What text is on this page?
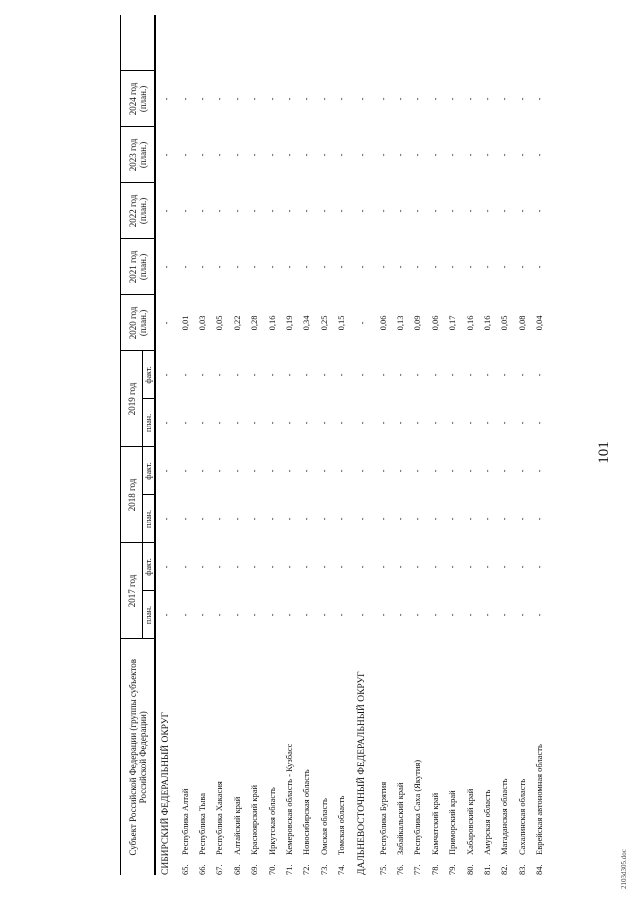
Субъект Российской Федерации (группы субъектов Российской Федерации)	2017 год		2018 год		2019 год		2020 год (план.)	2021 год (план.)	2022 год (план.)	2023 год (план.)	2024 год (план.)	
	план.	факт.	план.	факт.	план.	факт.						
СИБИРСКИЙ ФЕДЕРАЛЬНЫЙ ОКРУГ	-	-	-	-	-	-	-	-	-	-	-	
65.Республика Алтай	-	-	-	-	-	-	0,01	-	-	-	-	
66.Республика Тыва	-	-	-	-	-	-	0,03	-	-	-	-	
67.Республика Хакасия	-	-	-	-	-	-	0,05	-	-	-	-	
68.Алтайский край	-	-	-	-	-	-	0,22	-	-	-	-	
69.Красноярский край	-	-	-	-	-	-	0,28	-	-	-	-	
70.Иркутская область	-	-	-	-	-	-	0,16	-	-	-	-	
71.Кемеровская область - Кузбасс	-	-	-	-	-	-	0,19	-	-	-	-	
72.Новосибирская область	-	-	-	-	-	-	0,34	-	-	-	-	
73.Омская область	-	-	-	-	-	-	0,25	-	-	-	-	
74.Томская область	-	-	-	-	-	-	0,15	-	-	-	-	
ДАЛЬНЕВОСТОЧНЫЙ ФЕДЕРАЛЬНЫЙ ОКРУГ	-	-	-	-	-	-	-	-	-	-	-	
75.Республика Бурятия	-	-	-	-	-	-	0,06	-	-	-	-	
76.Забайкальский край	-	-	-	-	-	-	0,13	-	-	-	-	
77.Республика Саха (Якутия)	-	-	-	-	-	-	0,09	-	-	-	-	
78.Камчатский край	-	-	-	-	-	-	0,06	-	-	-	-	
79.Приморский край	-	-	-	-	-	-	0,17	-	-	-	-	
80.Хабаровский край	-	-	-	-	-	-	0,16	-	-	-	-	
81.Амурская область	-	-	-	-	-	-	0,16	-	-	-	-	
82.Магаданская область	-	-	-	-	-	-	0,05	-	-	-	-	
83.Сахалинская область	-	-	-	-	-	-	0,08	-	-	-	-	
84.Еврейская автономная область	-	-	-	-	-	-	0,04	-	-	-	-	
101
2103d305.doc
